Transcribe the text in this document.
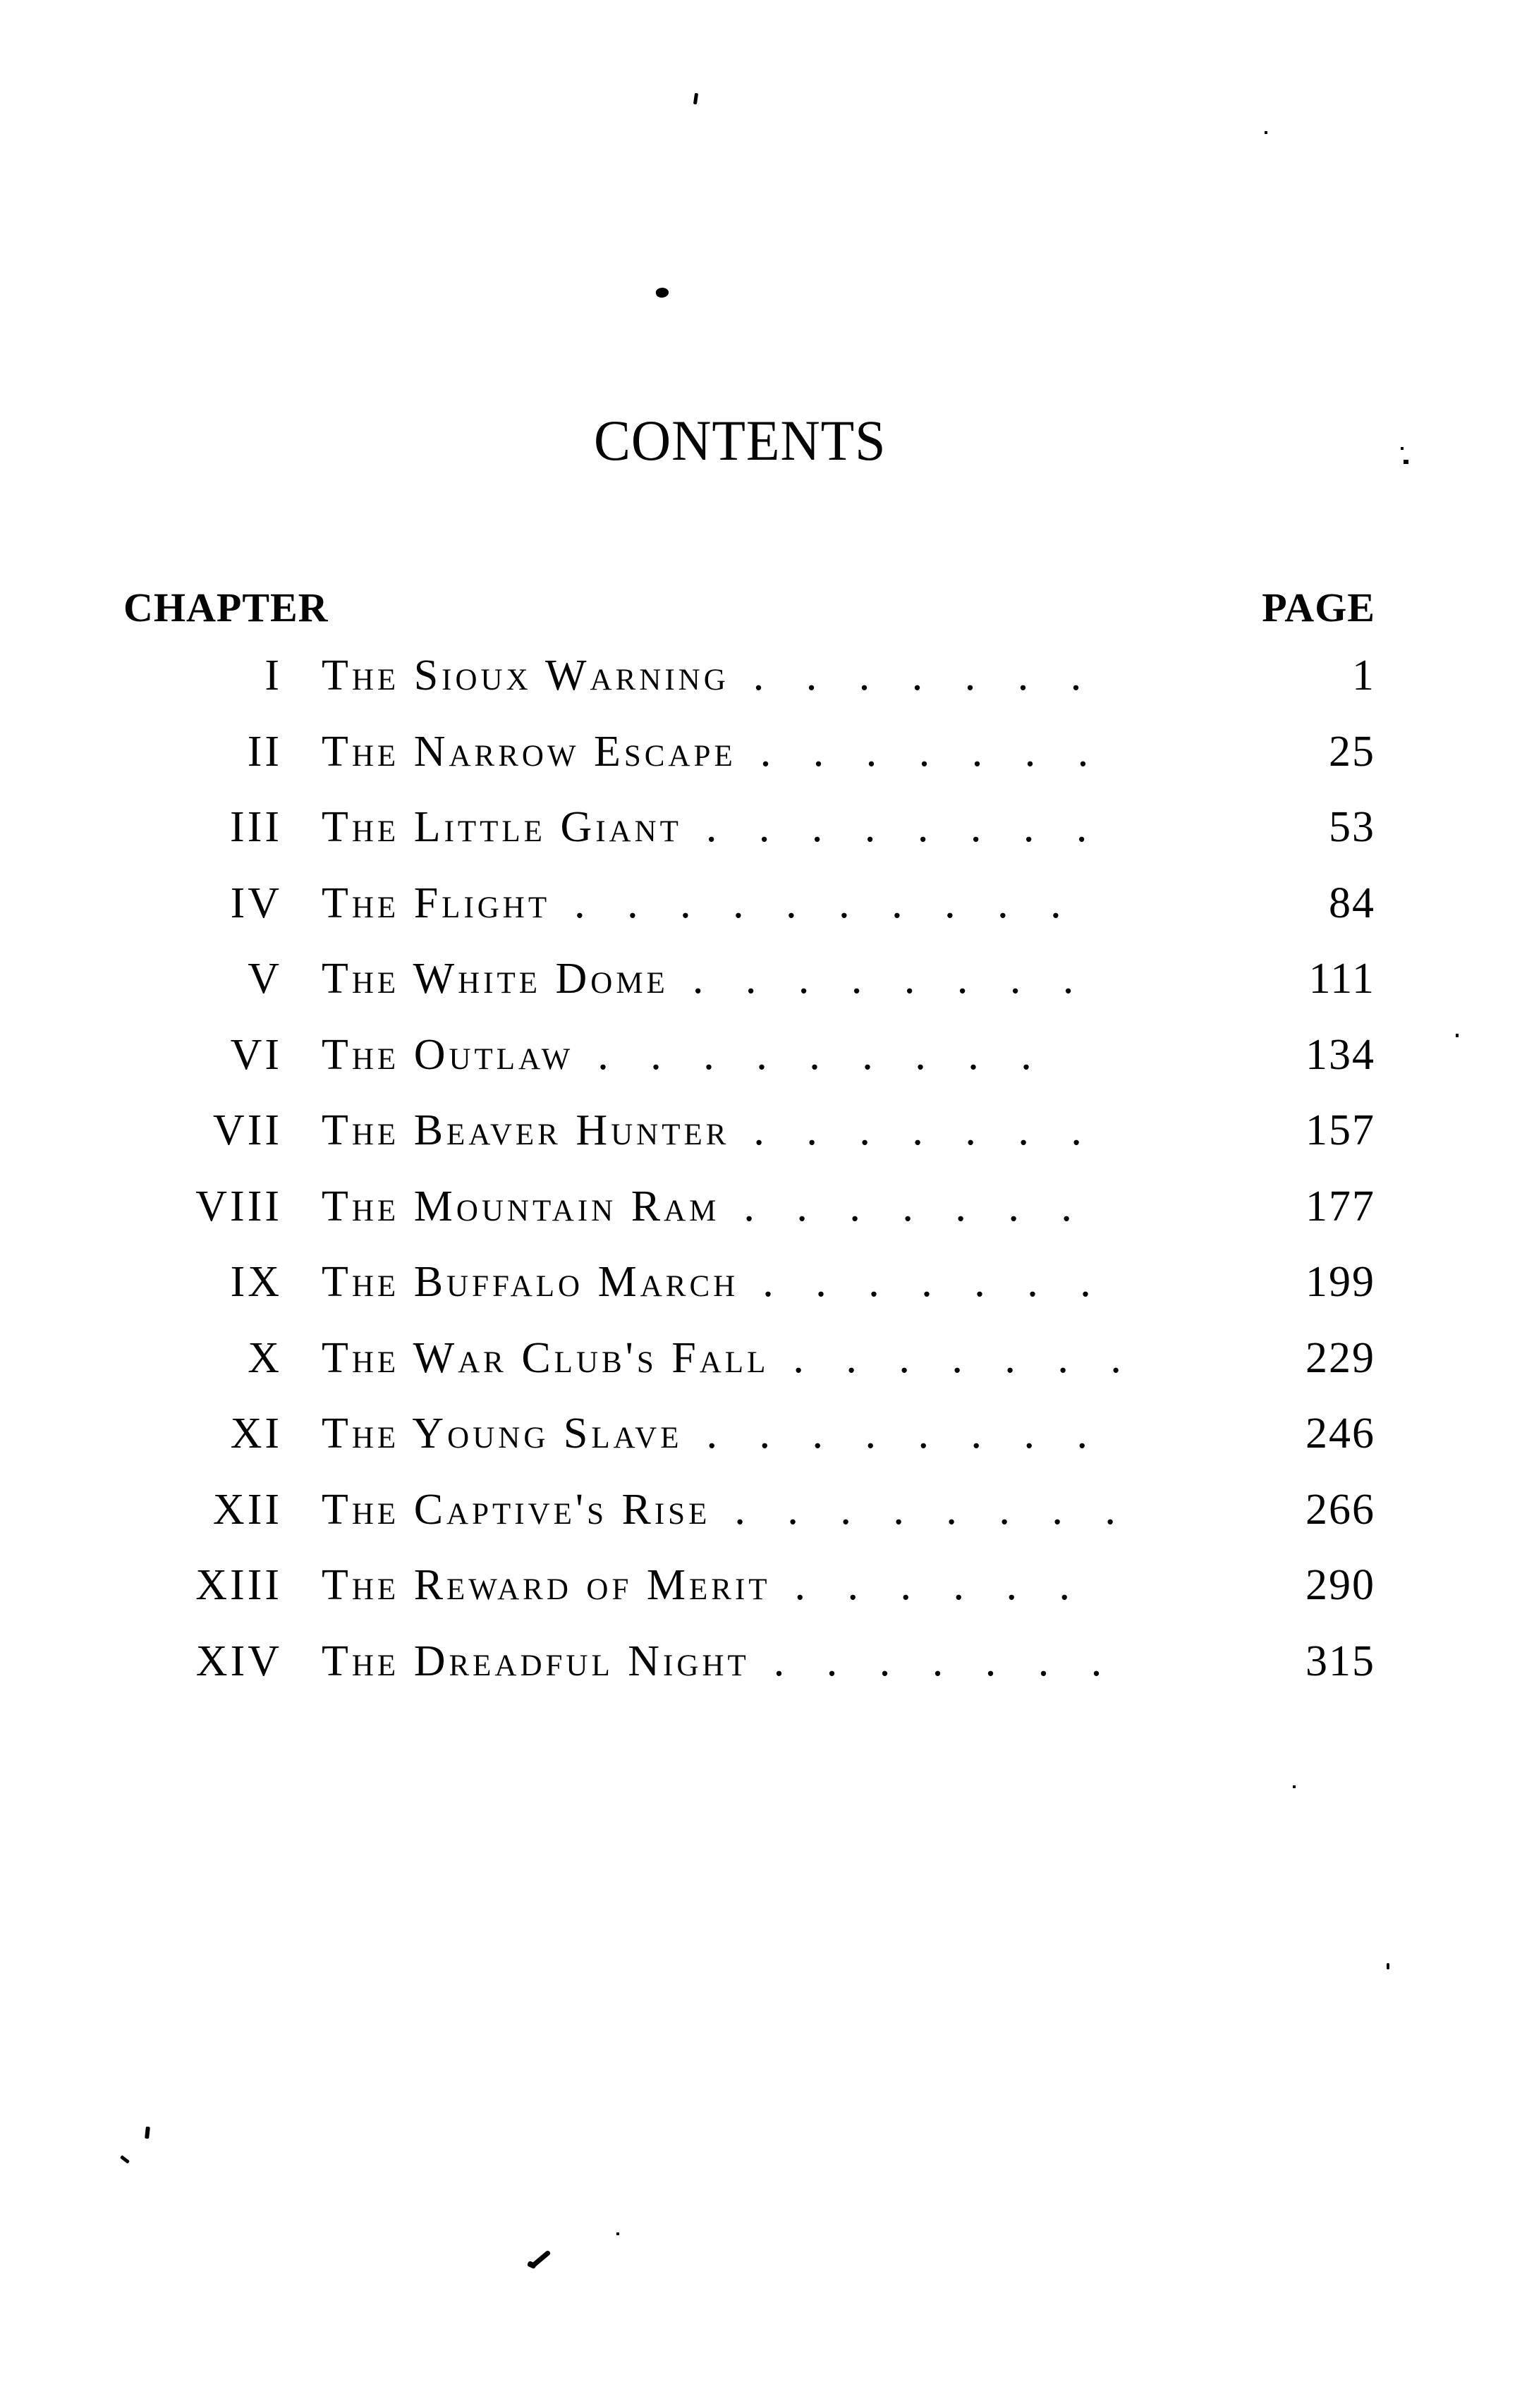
CONTENTS
CHAPTER	PAGE
I The Sioux Warning . . . . . . .	1
II The Narrow Escape . . . . . . .	25
III The Little Giant . . . . . . . .	53
IV The Flight . . . . . . . . . .	84
V The White Dome . . . . . . . .	111
VI The Outlaw . . . . . . . . .	134
VII The Beaver Hunter . . . . . . .	157
VIII The Mountain Ram . . . . . . .	177
IX The Buffalo March . . . . . . .	199
X The War Club's Fall . . . . . . .	229
XI The Young Slave . . . . . . . .	246
XII The Captive's Rise . . . . . . . .	266
XIII The Reward of Merit . . . . . .	290
XIV The Dreadful Night . . . . . . .	315
